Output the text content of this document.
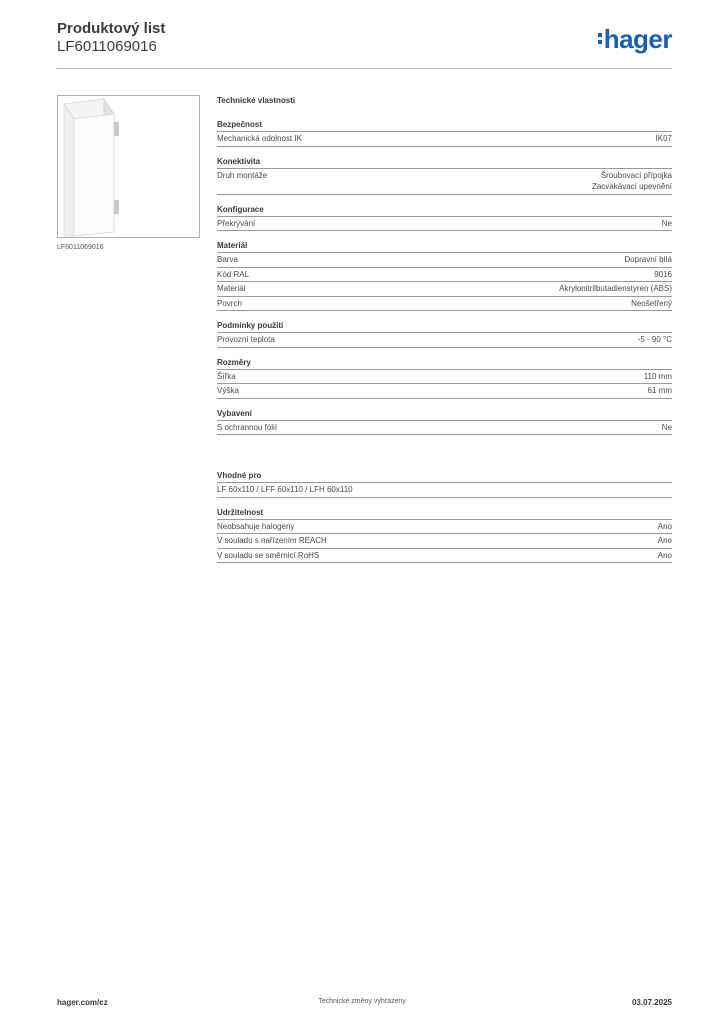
Produktový list
LF6011069016	hager
LF6011069016
Technické vlastnosti
Bezpečnost
Mechanická odolnost IK	IK07
Konektivita
Druh montáže	Šroubovací přípojka
Zacvakávací upevnění
Konfigurace
Překrývání	Ne
Materiál
Barva	Dopravní bílá
Kód RAL	9016
Materiál	Akrylonitrilbutadienstyren (ABS)
Povrch	Neošetřený
Podmínky použití
Provozní teplota	-5 - 90 °C
Rozměry
Šířka	110 mm
Výška	61 mm
Vybavení
S ochrannou fólií	Ne
Vhodné pro
LF 60x110 / LFF 60x110 / LFH 60x110
Udržitelnost
Neobsahuje halogeny	Ano
V souladu s nařízením REACH	Ano
V souladu se směrnicí RoHS	Ano
hager.com/cz	Technické změny vyhrazeny	03.07.2025
